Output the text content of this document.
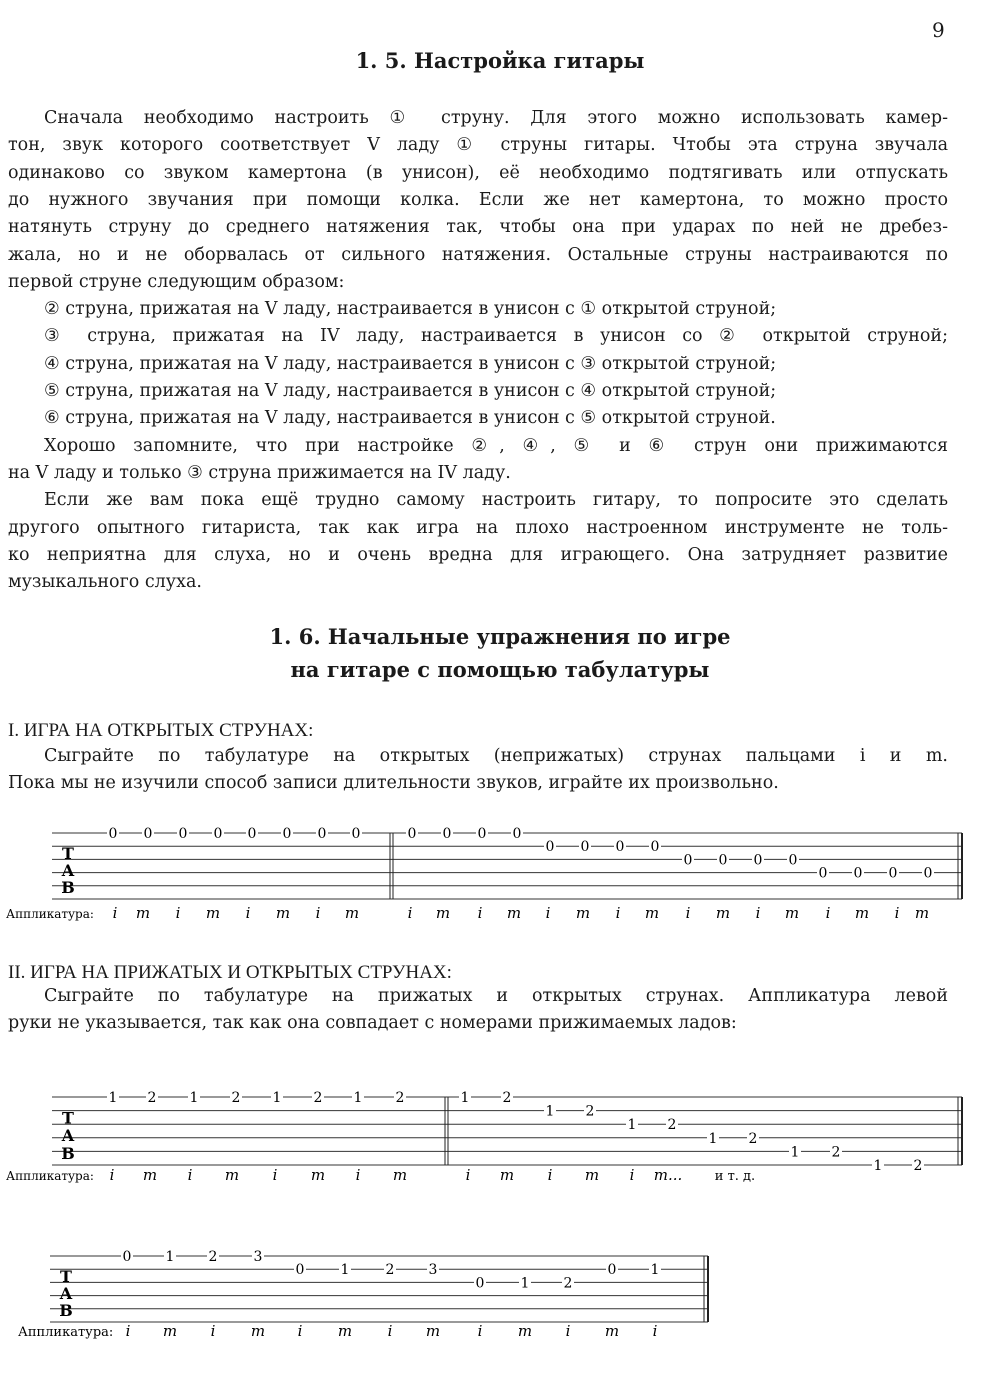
9
1. 5. Настройка гитары
Сначала необходимо настроить ① струну. Для этого можно использовать камер-
тон, звук которого соответствует V ладу ① струны гитары. Чтобы эта струна звучала
одинаково со звуком камертона (в унисон), её необходимо подтягивать или отпускать
до нужного звучания при помощи колка. Если же нет камертона, то можно просто
натянуть струну до среднего натяжения так, чтобы она при ударах по ней не дребез-
жала, но и не оборвалась от сильного натяжения. Остальные струны настраиваются по
первой струне следующим образом:
② струна, прижатая на V ладу, настраивается в унисон с ① открытой струной;
③ струна, прижатая на IV ладу, настраивается в унисон со ② открытой струной;
④ струна, прижатая на V ладу, настраивается в унисон с ③ открытой струной;
⑤ струна, прижатая на V ладу, настраивается в унисон с ④ открытой струной;
⑥ струна, прижатая на V ладу, настраивается в унисон с ⑤ открытой струной.
Хорошо запомните, что при настройке ②, ④, ⑤ и ⑥ струн они прижимаются
на V ладу и только ③ струна прижимается на IV ладу.
Если же вам пока ещё трудно самому настроить гитару, то попросите это сделать
другого опытного гитариста, так как игра на плохо настроенном инструменте не толь-
ко неприятна для слуха, но и очень вредна для играющего. Она затрудняет развитие
музыкального слуха.
1. 6. Начальные упражнения по игре
на гитаре с помощью табулатуры
I. ИГРА НА ОТКРЫТЫХ СТРУНАХ:
Сыграйте по табулатуре на открытых (неприжатых) струнах пальцами i и m.
Пока мы не изучили способ записи длительности звуков, играйте их произвольно.
II. ИГРА НА ПРИЖАТЫХ И ОТКРЫТЫХ СТРУНАХ:
Сыграйте по табулатуре на прижатых и открытых струнах. Аппликатура левой
руки не указывается, так как она совпадает с номерами прижимаемых ладов:
T
A
B
0 0 0 0 0 0 0 0	0 0 0 0
0 0 0 0
0 0 0 0
0 0 0 0
Аппликатура: i m i m i m i m	i m i m i m i m i m i m i m i m
T
A
B
1 2 1 2 1 2 1 2	1 2
1 2
1 2
1 2
1 2
1 2
Аппликатура: i m i m i m i m	i m i m i m...	и т. д.
T
A
B
0 1 2	3
0	1	2 3
0	1 2
0 1
Аппликатура: i m i m i m i m i m i m i
